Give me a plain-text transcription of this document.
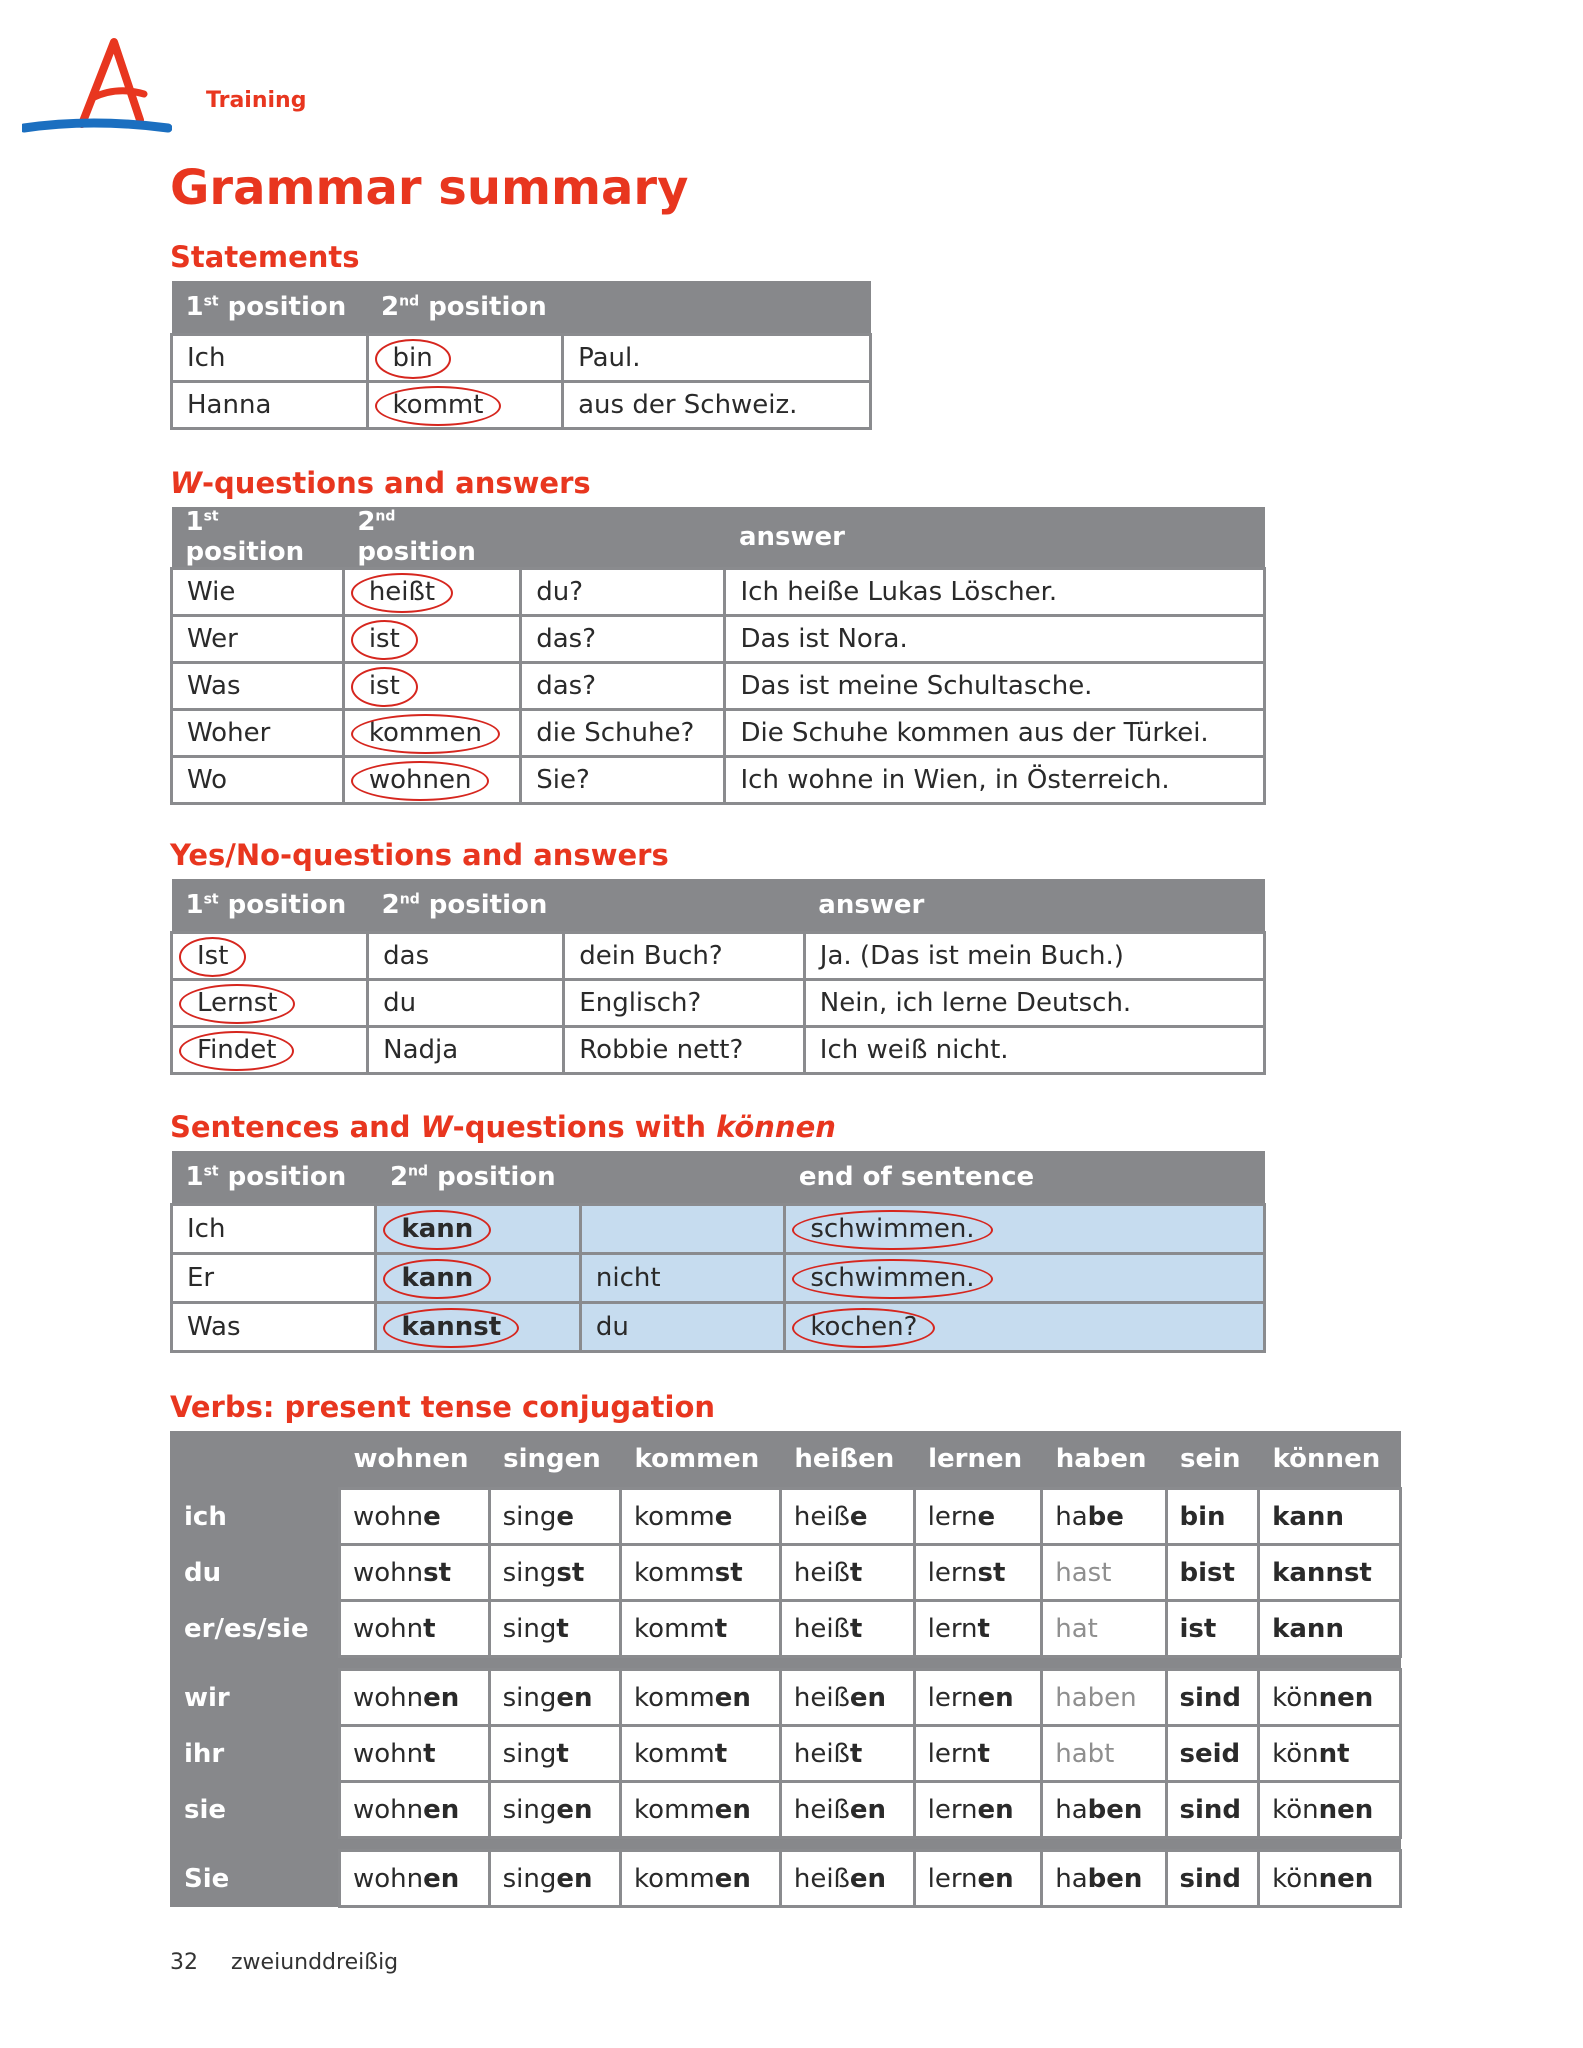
Training
Grammar summary
Statements
1st position	2nd position	
Ich	bin	Paul.
Hanna	kommt	aus der Schweiz.
W-questions and answers
1st position	2nd position		answer
Wie	heißt	du?	Ich heiße Lukas Löscher.
Wer	ist	das?	Das ist Nora.
Was	ist	das?	Das ist meine Schultasche.
Woher	kommen	die Schuhe?	Die Schuhe kommen aus der Türkei.
Wo	wohnen	Sie?	Ich wohne in Wien, in Österreich.
Yes/No-questions and answers
1st position	2nd position		answer
Ist	das	dein Buch?	Ja. (Das ist mein Buch.)
Lernst	du	Englisch?	Nein, ich lerne Deutsch.
Findet	Nadja	Robbie nett?	Ich weiß nicht.
Sentences and W-questions with können
1st position	2nd position		end of sentence
Ich	kann		schwimmen.
Er	kann	nicht	schwimmen.
Was	kannst	du	kochen?
Verbs: present tense conjugation
	wohnen	singen	kommen	heißen	lernen	haben	sein	können
ich	wohne	singe	komme	heiße	lerne	habe	bin	kann
du	wohnst	singst	kommst	heißt	lernst	hast	bist	kannst
er/es/sie	wohnt	singt	kommt	heißt	lernt	hat	ist	kann

wir	wohnen	singen	kommen	heißen	lernen	haben	sind	können
ihr	wohnt	singt	kommt	heißt	lernt	habt	seid	könnt
sie	wohnen	singen	kommen	heißen	lernen	haben	sind	können

Sie	wohnen	singen	kommen	heißen	lernen	haben	sind	können
32 zweiunddreißig
